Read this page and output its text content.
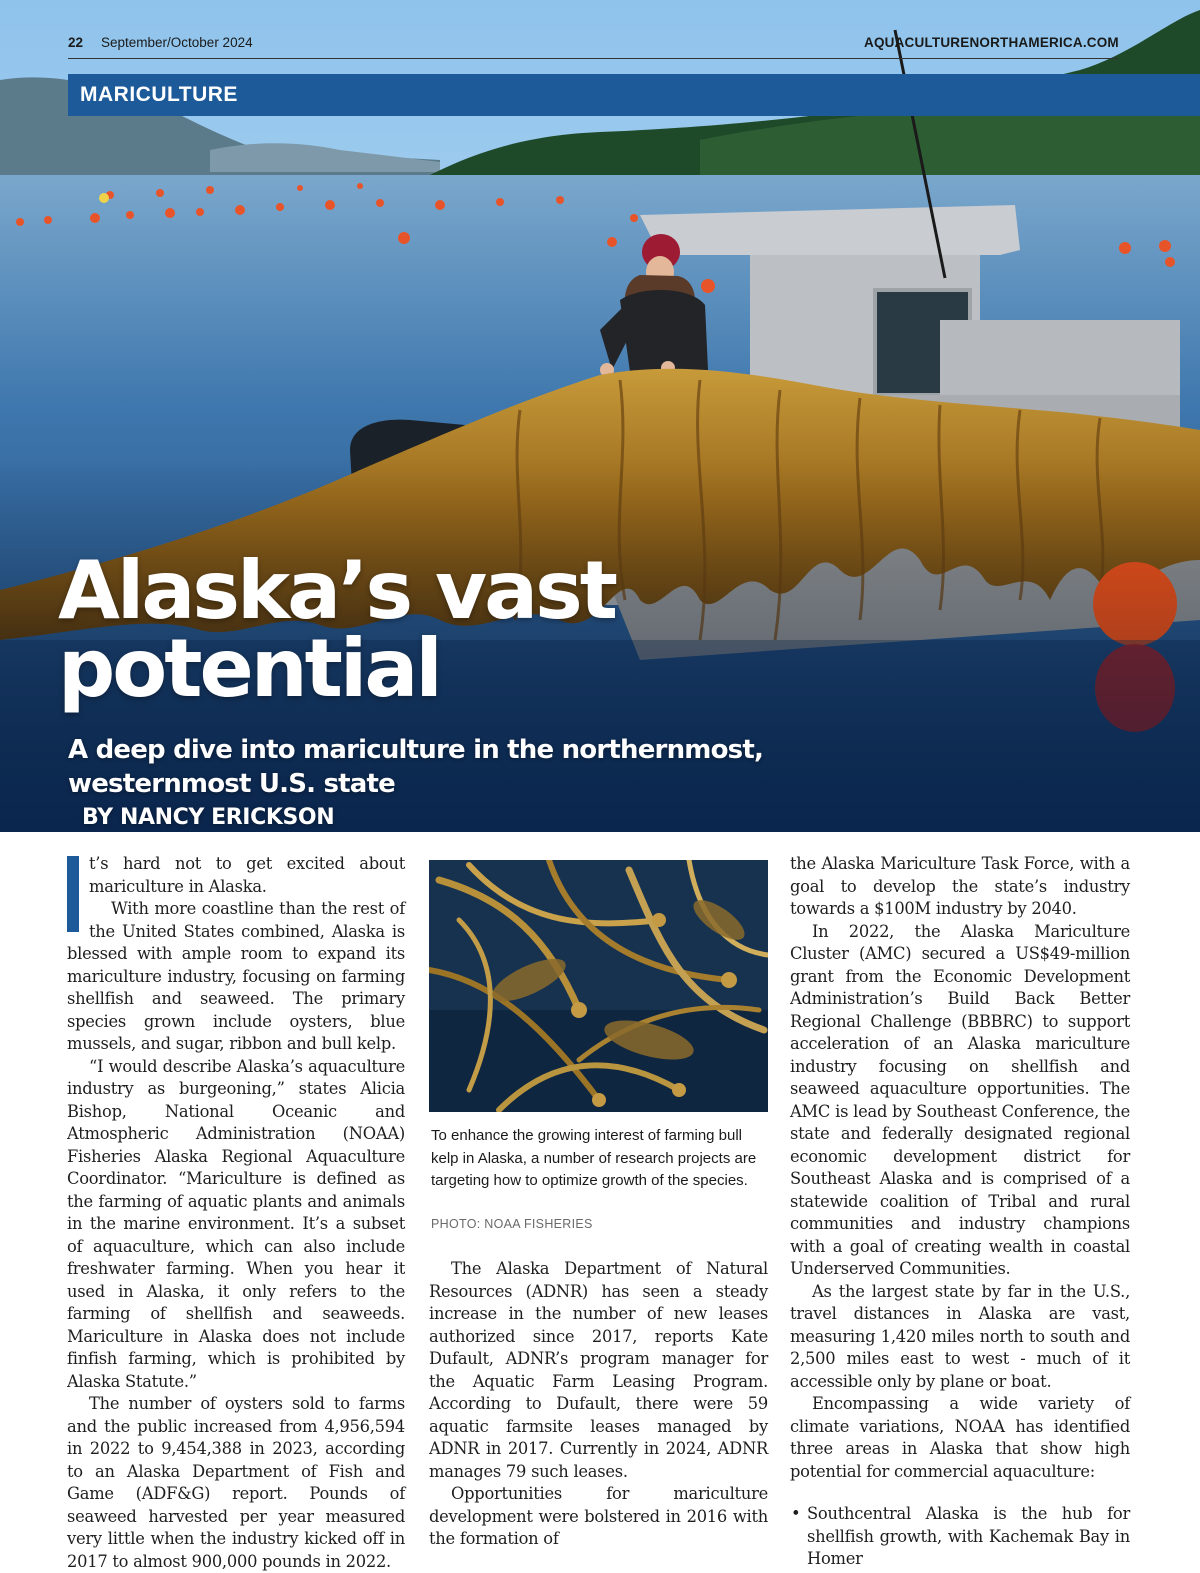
22 September/October 2024	AQUACULTURENORTHAMERICA.COM
MARICULTURE
Alaska’s vast
potential
A deep dive into mariculture in the northernmost,
westernmost U.S. state
BY NANCY ERICKSON

t’s hard not to get excited about mariculture in Alaska.

With more coastline than the rest of the United States combined, Alaska is blessed with ample room to expand its mariculture industry, focusing on farming shellfish and seaweed. The primary species grown include oysters, blue mussels, and sugar, ribbon and bull kelp.

“I would describe Alaska’s aquaculture industry as burgeoning,” states Alicia Bishop, National Oceanic and Atmospheric Administration (NOAA) Fisheries Alaska Regional Aquaculture Coordinator. “Mariculture is defined as the farming of aquatic plants and animals in the marine environment. It’s a subset of aquaculture, which can also include freshwater farming. When you hear it used in Alaska, it only refers to the farming of shellfish and seaweeds. Mariculture in Alaska does not include finfish farming, which is prohibited by Alaska Statute.”

The number of oysters sold to farms and the public increased from 4,956,594 in 2022 to 9,454,388 in 2023, according to an Alaska Department of Fish and Game (ADF&G) report. Pounds of seaweed harvested per year measured very little when the industry kicked off in 2017 to almost 900,000 pounds in 2022.

To enhance the growing interest of farming bull kelp in Alaska, a number of research projects are targeting how to optimize growth of the species.
PHOTO: NOAA FISHERIES

The Alaska Department of Natural Resources (ADNR) has seen a steady increase in the number of new leases authorized since 2017, reports Kate Dufault, ADNR’s program manager for the Aquatic Farm Leasing Program. According to Dufault, there were 59 aquatic farmsite leases managed by ADNR in 2017. Currently in 2024, ADNR manages 79 such leases.

Opportunities for mariculture development were bolstered in 2016 with the formation of

the Alaska Mariculture Task Force, with a goal to develop the state’s industry towards a $100M industry by 2040.

In 2022, the Alaska Mariculture Cluster (AMC) secured a US$49-million grant from the Economic Development Administration’s Build Back Better Regional Challenge (BBBRC) to support acceleration of an Alaska mariculture industry focusing on shellfish and seaweed aquaculture opportunities. The AMC is lead by Southeast Conference, the state and federally designated regional economic development district for Southeast Alaska and is comprised of a statewide coalition of Tribal and rural communities and industry champions with a goal of creating wealth in coastal Underserved Communities.

As the largest state by far in the U.S., travel distances in Alaska are vast, measuring 1,420 miles north to south and 2,500 miles east to west - much of it accessible only by plane or boat.

Encompassing a wide variety of climate variations, NOAA has identified three areas in Alaska that show high potential for commercial aquaculture:

• Southcentral Alaska is the hub for shellfish growth, with Kachemak Bay in Homer
